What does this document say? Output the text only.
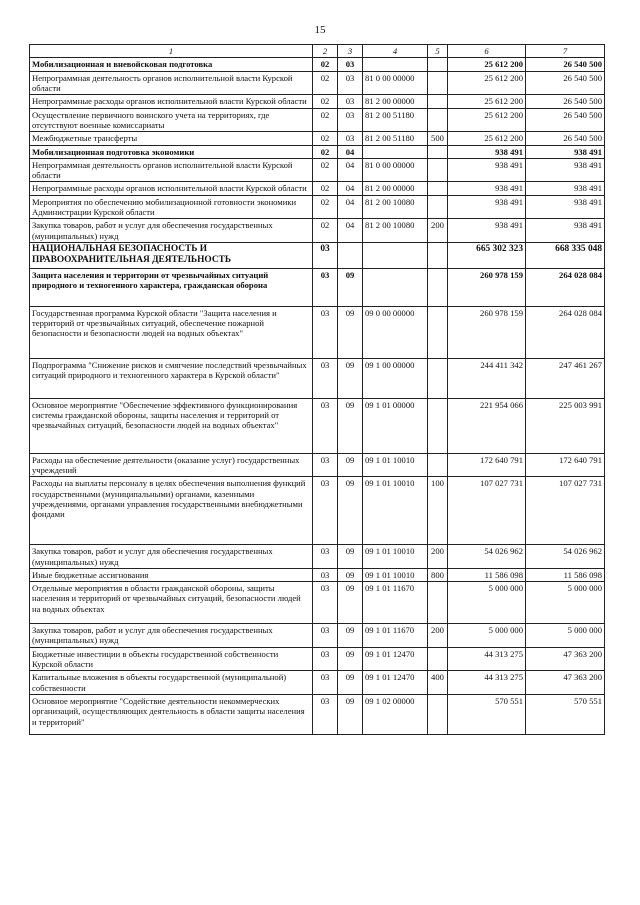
15
1	2	3	4	5	6	7
Мобилизационная и вневойсковая подготовка	02	03			25 612 200	26 540 500
Непрограммная деятельность органов исполнительной власти Курской области	02	03	81 0 00 00000		25 612 200	26 540 500
Непрограммные расходы органов исполнительной власти Курской области	02	03	81 2 00 00000		25 612 200	26 540 500
Осуществление первичного воинского учета на территориях, где отсутствуют военные комиссариаты	02	03	81 2 00 51180		25 612 200	26 540 500
Межбюджетные трансферты	02	03	81 2 00 51180	500	25 612 200	26 540 500
Мобилизационная подготовка экономики	02	04			938 491	938 491
Непрограммная деятельность органов исполнительной власти Курской области	02	04	81 0 00 00000		938 491	938 491
Непрограммные расходы органов исполнительной власти Курской области	02	04	81 2 00 00000		938 491	938 491
Мероприятия по обеспечению мобилизационной готовности экономики Администрации Курской области	02	04	81 2 00 10080		938 491	938 491
Закупка товаров, работ и услуг для обеспечения государственных (муниципальных) нужд	02	04	81 2 00 10080	200	938 491	938 491
НАЦИОНАЛЬНАЯ БЕЗОПАСНОСТЬ И ПРАВООХРАНИТЕЛЬНАЯ ДЕЯТЕЛЬНОСТЬ	03				665 302 323	668 335 048
Защита населения и территории от чрезвычайных ситуаций природного и техногенного характера, гражданская оборона	03	09			260 978 159	264 028 084
Государственная программа Курской области "Защита населения и территорий от чрезвычайных ситуаций, обеспечение пожарной безопасности и безопасности людей на водных объектах"	03	09	09 0 00 00000		260 978 159	264 028 084
Подпрограмма "Снижение рисков и смягчение последствий чрезвычайных ситуаций природного и техногенного характера в Курской области"	03	09	09 1 00 00000		244 411 342	247 461 267
Основное мероприятие "Обеспечение эффективного функционирования системы гражданской обороны, защиты населения и территорий от чрезвычайных ситуаций, безопасности людей на водных объектах"	03	09	09 1 01 00000		221 954 066	225 003 991
Расходы на обеспечение деятельности (оказание услуг) государственных учреждений	03	09	09 1 01 10010		172 640 791	172 640 791
Расходы на выплаты персоналу в целях обеспечения выполнения функций государственными (муниципальными) органами, казенными учреждениями, органами управления государственными внебюджетными фондами	03	09	09 1 01 10010	100	107 027 731	107 027 731
Закупка товаров, работ и услуг для обеспечения государственных (муниципальных) нужд	03	09	09 1 01 10010	200	54 026 962	54 026 962
Иные бюджетные ассигнования	03	09	09 1 01 10010	800	11 586 098	11 586 098
Отдельные мероприятия в области гражданской обороны, защиты населения и территорий от чрезвычайных ситуаций, безопасности людей на водных объектах	03	09	09 1 01 11670		5 000 000	5 000 000
Закупка товаров, работ и услуг для обеспечения государственных (муниципальных) нужд	03	09	09 1 01 11670	200	5 000 000	5 000 000
Бюджетные инвестиции в объекты государственной собственности Курской области	03	09	09 1 01 12470		44 313 275	47 363 200
Капитальные вложения в объекты государственной (муниципальной) собственности	03	09	09 1 01 12470	400	44 313 275	47 363 200
Основное мероприятие "Содействие деятельности некоммерческих организаций, осуществляющих деятельность в области защиты населения и территорий"	03	09	09 1 02 00000		570 551	570 551
